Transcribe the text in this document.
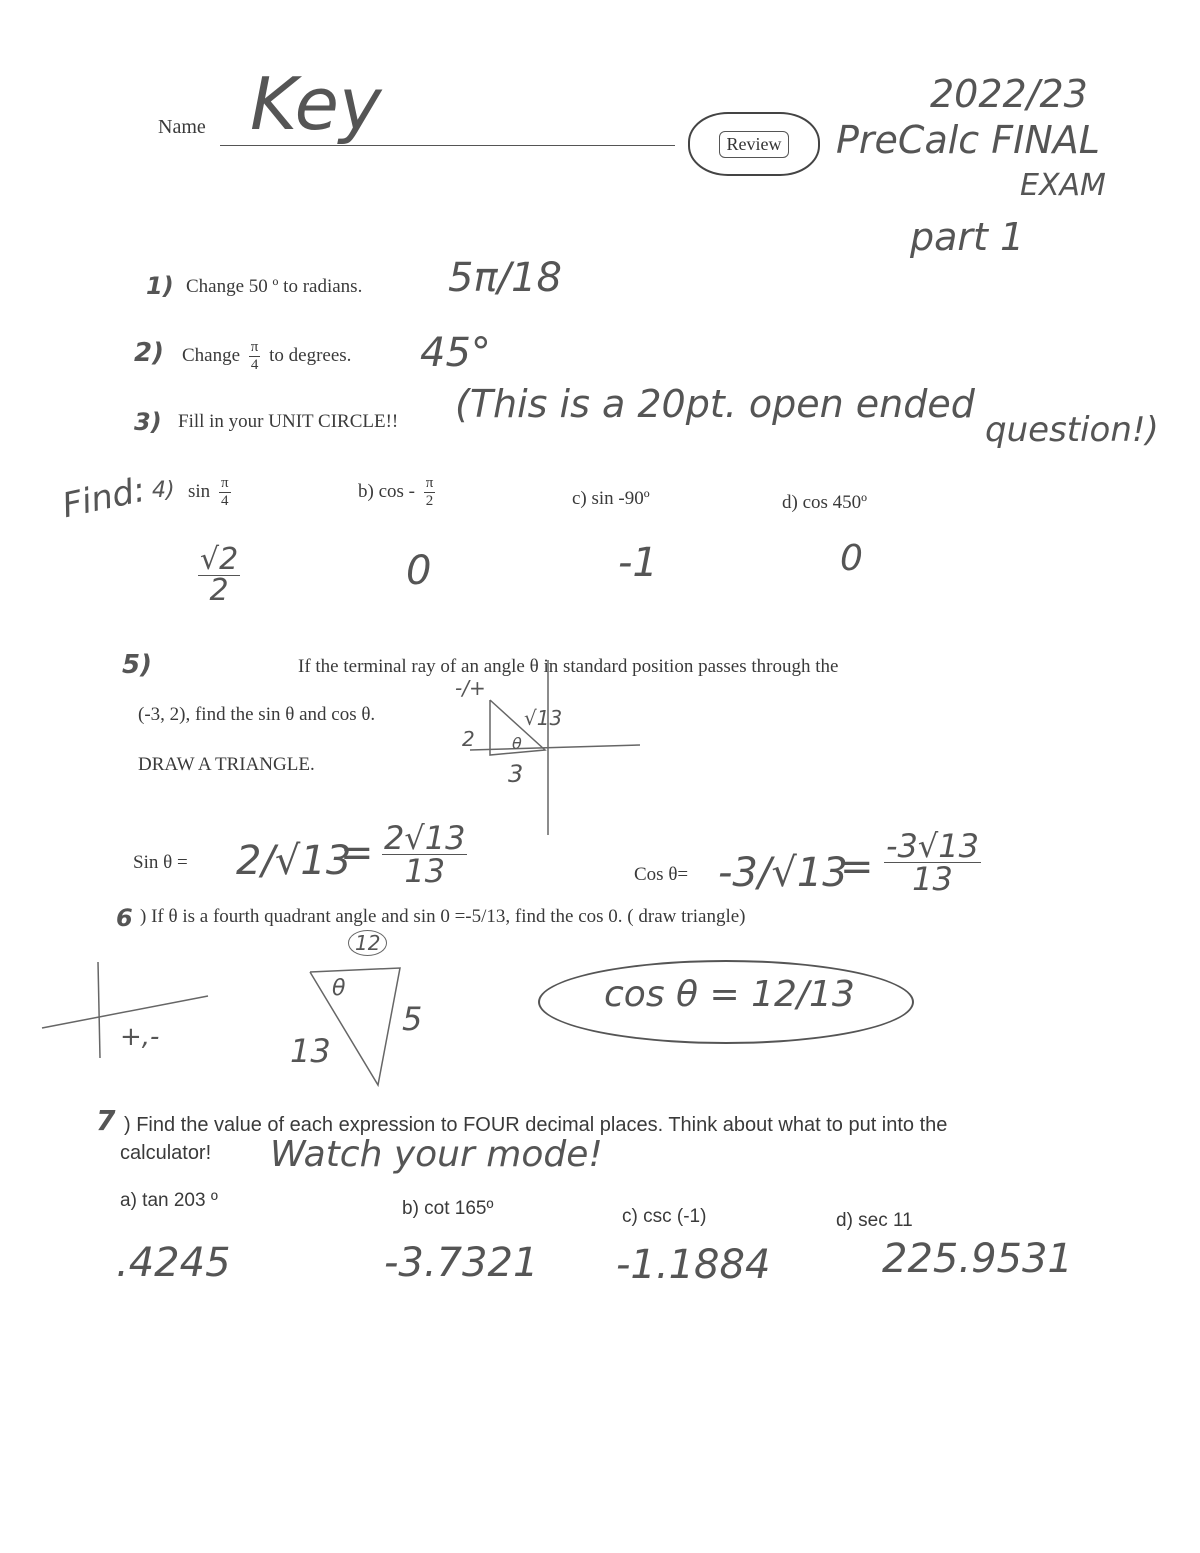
Name Key	Review
2022/23
PreCalc FINAL
EXAM
part 1
1) Change 50 º to radians. 5π/18
2) Change $\frac{\pi}{4}$ to degrees. 45°
3) Fill in your UNIT CIRCLE!! (This is a 20pt. open ended
question!)
Find: 4) $\sin \frac{\pi}{4}$	b) cos - $\frac{\pi}{2}$	c) sin -90º	d) cos 450º
$\frac{√2}{2}$	0	-1	0
5)	If the terminal ray of an angle θ in standard position passes through the
(-3, 2), find the sin θ and cos θ.
DRAW A TRIANGLE.
-/+
√13
2 θ
3
Sin θ = 2/√13
= $\frac{2√13}{13}$	Cos θ= -3/√13
= $\frac{-3√13}{13}$
6 ) If θ is a fourth quadrant angle and sin 0 =-5/13, find the cos 0. ( draw triangle)
+,-
12
θ
13
5
cos θ = 12/13
7 ) Find the value of each expression to FOUR decimal places. Think about what to put into the
calculator! Watch your mode!
a) tan 203 º	b) cot 165º	c) csc (-1)	d) sec 11
.4245	-3.7321 -1.1884	225.9531
